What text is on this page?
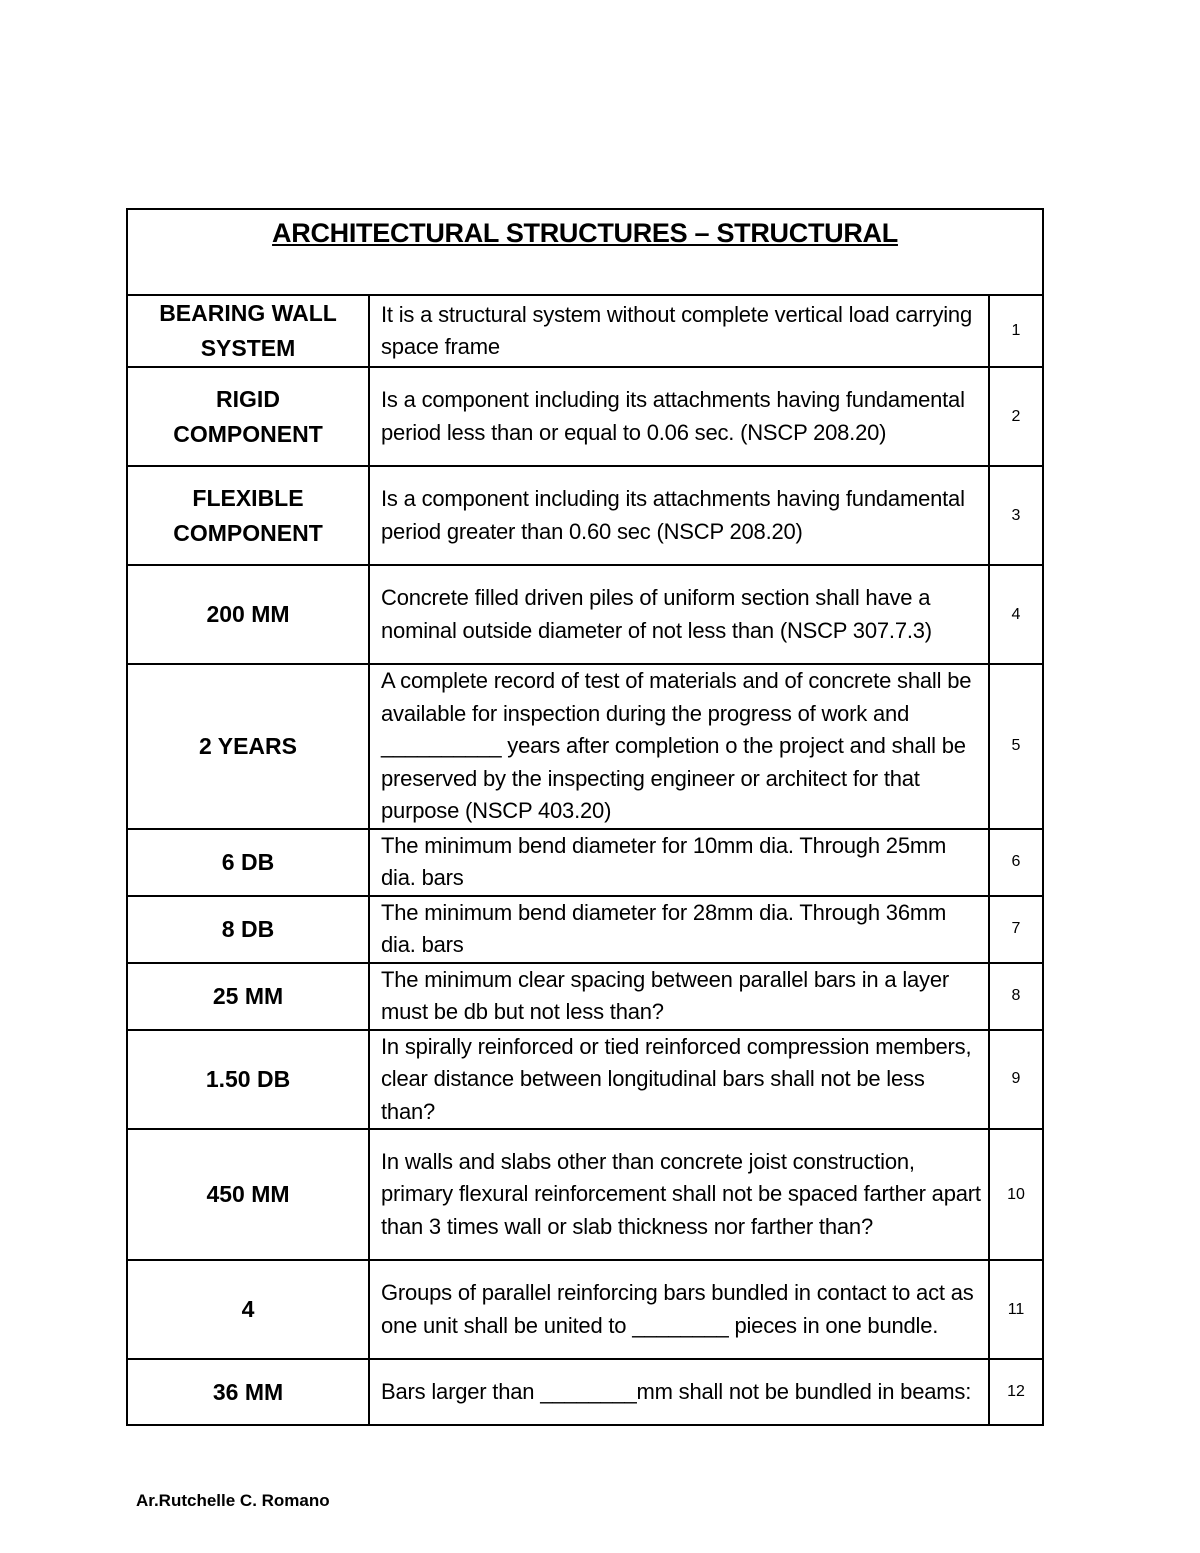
ARCHITECTURAL STRUCTURES – STRUCTURAL		
BEARING WALL SYSTEM	It is a structural system without complete vertical load carrying space frame	1
RIGID COMPONENT	Is a component including its attachments having fundamental period less than or equal to 0.06 sec. (NSCP 208.20)	2
FLEXIBLE COMPONENT	Is a component including its attachments having fundamental period greater than 0.60 sec (NSCP 208.20)	3
200 MM	Concrete filled driven piles of uniform section shall have a nominal outside diameter of not less than (NSCP 307.7.3)	4
2 YEARS	A complete record of test of materials and of concrete shall be available for inspection during the progress of work and __________ years after completion o the project and shall be preserved by the inspecting engineer or architect for that purpose (NSCP 403.20)	5
6 DB	The minimum bend diameter for 10mm dia. Through 25mm dia. bars	6
8 DB	The minimum bend diameter for 28mm dia. Through 36mm dia. bars	7
25 MM	The minimum clear spacing between parallel bars in a layer must be db but not less than?	8
1.50 DB	In spirally reinforced or tied reinforced compression members, clear distance between longitudinal bars shall not be less than?	9
450 MM	In walls and slabs other than concrete joist construction, primary flexural reinforcement shall not be spaced farther apart than 3 times wall or slab thickness nor farther than?	10
4	Groups of parallel reinforcing bars bundled in contact to act as one unit shall be united to ________ pieces in one bundle.	11
36 MM	Bars larger than ________mm shall not be bundled in beams:	12
Ar.Rutchelle C. Romano
